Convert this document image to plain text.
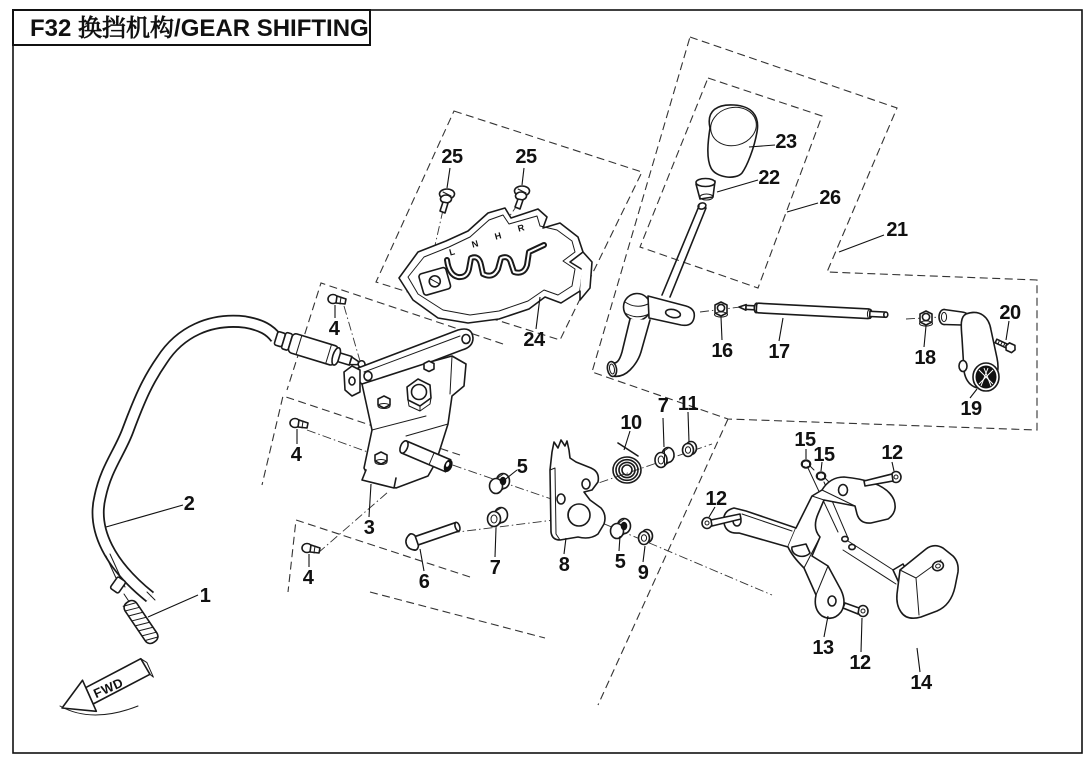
L
N
H
R
FWD
1
2
3
4
4
4
5
5
6
7
7	8	9
10
11
12
12
12
13
14
15
15
16 17	18
19
20
21
22
23
24
25	25
26
F32 换挡机构/GEAR SHIFTING
